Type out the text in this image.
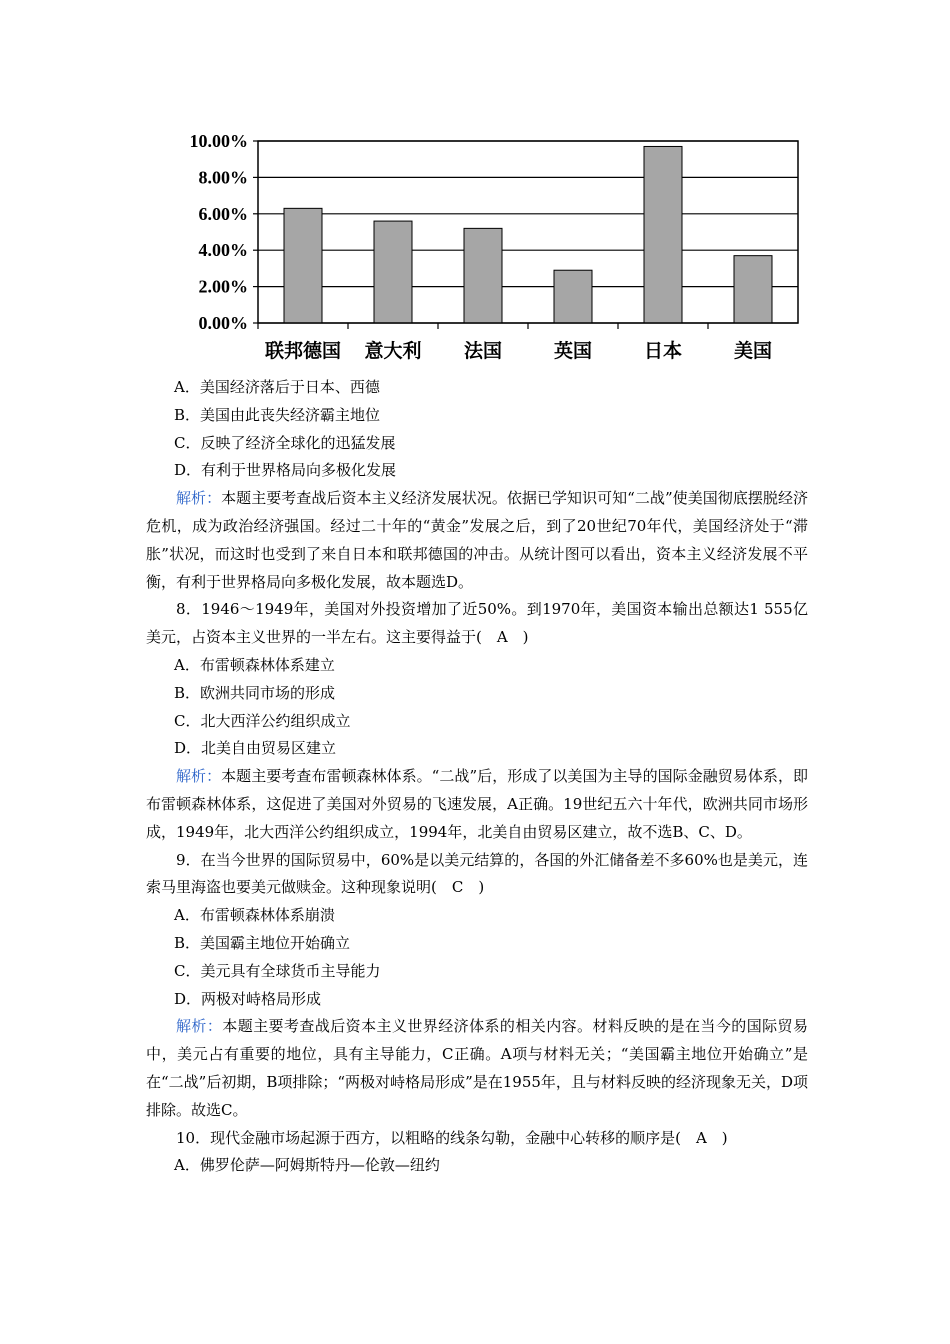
0.00%
2.00%
4.00%
6.00%
8.00%
10.00%
联邦德国 意大利 法国	英国	日本	美国

A．美国经济落后于日本、西德

B．美国由此丧失经济霸主地位

C．反映了经济全球化的迅猛发展

D．有利于世界格局向多极化发展

解析：本题主要考查战后资本主义经济发展状况。依据已学知识可知“二战”使美国彻底摆脱经济危机，成为政治经济强国。经过二十年的“黄金”发展之后，到了20世纪70年代，美国经济处于“滞胀”状况，而这时也受到了来自日本和联邦德国的冲击。从统计图可以看出，资本主义经济发展不平衡，有利于世界格局向多极化发展，故本题选D。

8．1946～1949年，美国对外投资增加了近50%。到1970年，美国资本输出总额达1 555亿美元，占资本主义世界的一半左右。这主要得益于(　A　)

A．布雷顿森林体系建立

B．欧洲共同市场的形成

C．北大西洋公约组织成立

D．北美自由贸易区建立

解析：本题主要考查布雷顿森林体系。“二战”后，形成了以美国为主导的国际金融贸易体系，即布雷顿森林体系，这促进了美国对外贸易的飞速发展，A正确。19世纪五六十年代，欧洲共同市场形成，1949年，北大西洋公约组织成立，1994年，北美自由贸易区建立，故不选B、C、D。

9．在当今世界的国际贸易中，60%是以美元结算的，各国的外汇储备差不多60%也是美元，连索马里海盗也要美元做赎金。这种现象说明(　C　)

A．布雷顿森林体系崩溃

B．美国霸主地位开始确立

C．美元具有全球货币主导能力

D．两极对峙格局形成

解析：本题主要考查战后资本主义世界经济体系的相关内容。材料反映的是在当今的国际贸易中，美元占有重要的地位，具有主导能力，C正确。A项与材料无关；“美国霸主地位开始确立”是在“二战”后初期，B项排除；“两极对峙格局形成”是在1955年，且与材料反映的经济现象无关，D项排除。故选C。

10．现代金融市场起源于西方，以粗略的线条勾勒，金融中心转移的顺序是(　A　)

A．佛罗伦萨—阿姆斯特丹—伦敦—纽约
